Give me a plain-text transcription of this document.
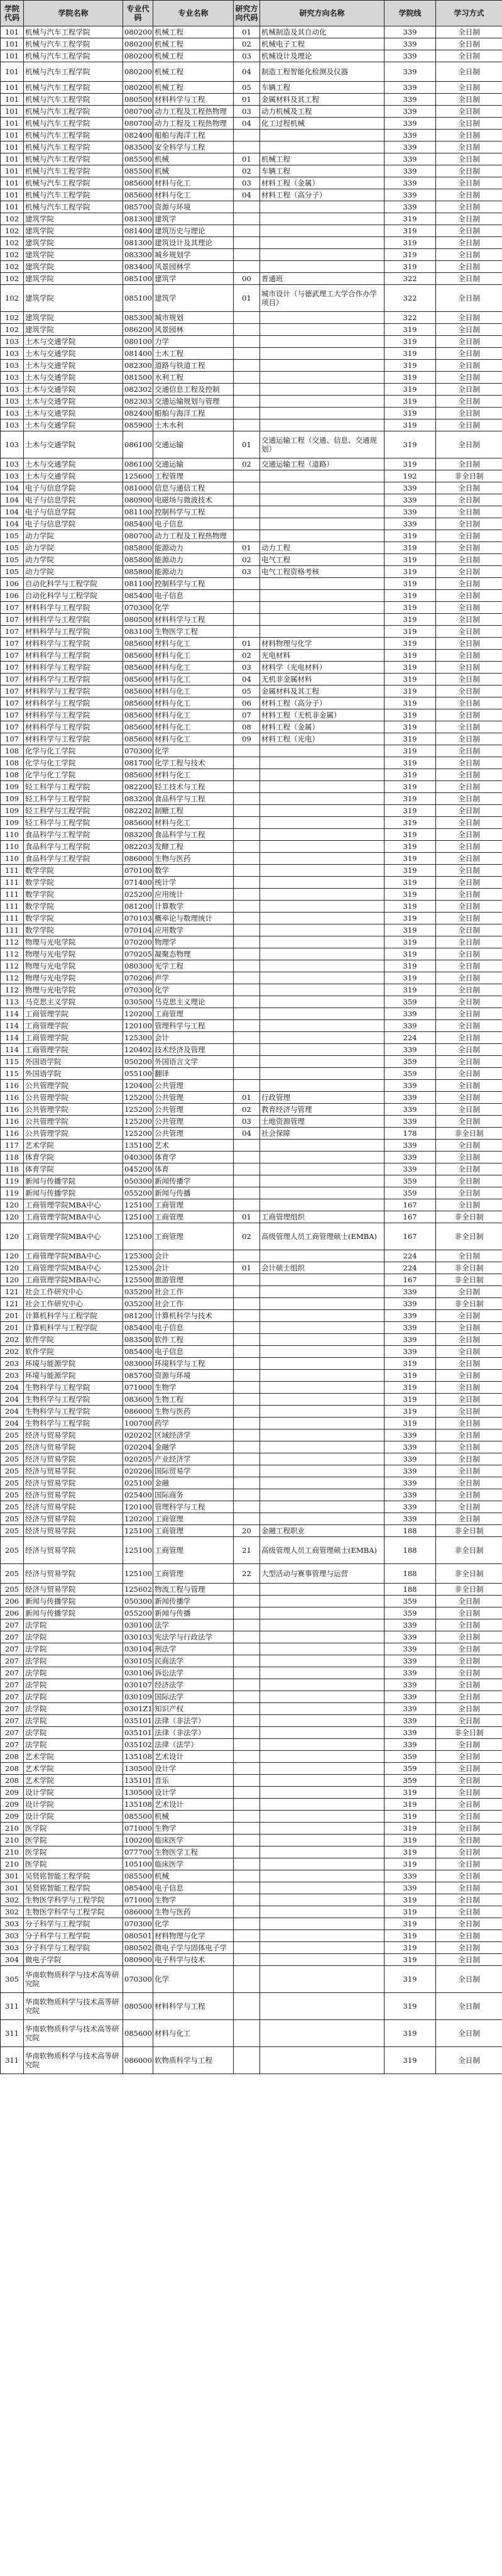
学院代码	学院名称	专业代码	专业名称	研究方向代码	研究方向名称	学院线	学习方式
101	机械与汽车工程学院	080200	机械工程	01	机械制造及其自动化	339	全日制
101	机械与汽车工程学院	080200	机械工程	02	机械电子工程	339	全日制
101	机械与汽车工程学院	080200	机械工程	03	机械设计及理论	339	全日制
101	机械与汽车工程学院	080200	机械工程	04	制造工程智能化检测及仪器	339	全日制
101	机械与汽车工程学院	080200	机械工程	05	车辆工程	339	全日制
101	机械与汽车工程学院	080500	材料科学与工程	01	金属材料及其工程	339	全日制
101	机械与汽车工程学院	080700	动力工程及工程热物理	03	动力机械及工程	339	全日制
101	机械与汽车工程学院	080700	动力工程及工程热物理	04	化工过程机械	339	全日制
101	机械与汽车工程学院	082400	船舶与海洋工程			339	全日制
101	机械与汽车工程学院	083500	安全科学与工程			339	全日制
101	机械与汽车工程学院	085500	机械	01	机械工程	339	全日制
101	机械与汽车工程学院	085500	机械	02	车辆工程	339	全日制
101	机械与汽车工程学院	085600	材料与化工	03	材料工程（金属）	339	全日制
101	机械与汽车工程学院	085600	材料与化工	04	材料工程（高分子）	339	全日制
101	机械与汽车工程学院	085700	资源与环境			339	全日制
102	建筑学院	081300	建筑学			319	全日制
102	建筑学院	081400	建筑历史与理论			319	全日制
102	建筑学院	081300	建筑设计及其理论			319	全日制
102	建筑学院	083300	城乡规划学			319	全日制
102	建筑学院	083400	风景园林学			319	全日制
102	建筑学院	085100	建筑学	00	普通班	322	全日制
102	建筑学院	085100	建筑学	01	城市设计（与德武理工大学合作办学项目）	322	全日制
102	建筑学院	085300	城市规划			322	全日制
102	建筑学院	086200	风景园林			319	全日制
103	土木与交通学院	080100	力学			319	全日制
103	土木与交通学院	081400	土木工程			319	全日制
103	土木与交通学院	082300	道路与铁道工程			319	全日制
103	土木与交通学院	081500	水利工程			319	全日制
103	土木与交通学院	082302	交通信息工程及控制			319	全日制
103	土木与交通学院	082303	交通运输规划与管理			319	全日制
103	土木与交通学院	082400	船舶与海洋工程			319	全日制
103	土木与交通学院	085900	土木水利			319	全日制
103	土木与交通学院	086100	交通运输	01	交通运输工程（交通、信息、交通规划）	319	全日制
103	土木与交通学院	086100	交通运输	02	交通运输工程（道路）	319	全日制
103	土木与交通学院	125600	工程管理			192	非全日制
104	电子与信息学院	081000	信息与通信工程			339	全日制
104	电子与信息学院	080900	电磁场与微波技术			339	全日制
104	电子与信息学院	081100	控制科学与工程			339	全日制
104	电子与信息学院	085400	电子信息			339	全日制
105	动力学院	080700	动力工程及工程热物理			319	全日制
105	动力学院	085800	能源动力	01	动力工程	319	全日制
105	动力学院	085800	能源动力	02	电气工程	319	全日制
105	动力学院	085800	能源动力	03	电气工程资格考核	319	全日制
106	自动化科学与工程学院	081100	控制科学与工程			319	全日制
106	自动化科学与工程学院	085400	电子信息			319	全日制
107	材料科学与工程学院	070300	化学			319	全日制
107	材料科学与工程学院	080500	材料科学与工程			319	全日制
107	材料科学与工程学院	083100	生物医学工程			319	全日制
107	材料科学与工程学院	085600	材料与化工	01	材料物理与化学	319	全日制
107	材料科学与工程学院	085600	材料与化工	02	光电材料	319	全日制
107	材料科学与工程学院	085600	材料与化工	03	材料学（光电材料）	319	全日制
107	材料科学与工程学院	085600	材料与化工	04	无机非金属材料	319	全日制
107	材料科学与工程学院	085600	材料与化工	05	金属材料及其工程	319	全日制
107	材料科学与工程学院	085600	材料与化工	06	材料工程（高分子）	319	全日制
107	材料科学与工程学院	085600	材料与化工	07	材料工程（无机非金属）	319	全日制
107	材料科学与工程学院	085600	材料与化工	08	材料工程（金属）	319	全日制
107	材料科学与工程学院	085600	材料与化工	09	材料工程（光电）	319	全日制
108	化学与化工学院	070300	化学			319	全日制
108	化学与化工学院	081700	化学工程与技术			319	全日制
108	化学与化工学院	085600	材料与化工			319	全日制
109	轻工科学与工程学院	082200	轻工技术与工程			319	全日制
109	轻工科学与工程学院	083200	食品科学与工程			319	全日制
109	轻工科学与工程学院	082202	制糖工程			319	全日制
109	轻工科学与工程学院	085600	材料与化工			319	全日制
110	食品科学与工程学院	083200	食品科学与工程			319	全日制
110	食品科学与工程学院	082203	发酵工程			319	全日制
110	食品科学与工程学院	086000	生物与医药			319	全日制
111	数学学院	070100	数学			319	全日制
111	数学学院	071400	统计学			319	全日制
111	数学学院	025200	应用统计			319	全日制
111	数学学院	081200	计算数学			319	全日制
111	数学学院	070103	概率论与数理统计			319	全日制
111	数学学院	070104	应用数学			319	全日制
112	物理与光电学院	070200	物理学			319	全日制
112	物理与光电学院	070205	凝聚态物理			319	全日制
112	物理与光电学院	080300	光学工程			319	全日制
112	物理与光电学院	070206	声学			319	全日制
112	物理与光电学院	070300	化学			319	全日制
113	马克思主义学院	030500	马克思主义理论			359	全日制
114	工商管理学院	120200	工商管理			339	全日制
114	工商管理学院	120100	管理科学与工程			339	全日制
114	工商管理学院	125300	会计			224	全日制
114	工商管理学院	120402	技术经济及管理			339	全日制
115	外国语学院	050200	外国语言文学			359	全日制
115	外国语学院	055100	翻译			359	全日制
116	公共管理学院	120400	公共管理			339	全日制
116	公共管理学院	125200	公共管理	01	行政管理	339	全日制
116	公共管理学院	125200	公共管理	02	教育经济与管理	339	全日制
116	公共管理学院	125200	公共管理	03	土地资源管理	339	全日制
116	公共管理学院	125200	公共管理	04	社会保障	178	非全日制
117	艺术学院	135100	艺术			339	全日制
118	体育学院	040300	体育学			339	全日制
118	体育学院	045200	体育			339	全日制
119	新闻与传播学院	050300	新闻传播学			359	全日制
119	新闻与传播学院	055200	新闻与传播			359	全日制
120	工商管理学院MBA中心	125100	工商管理			167	全日制
120	工商管理学院MBA中心	125100	工商管理	01	工商管理组织	167	非全日制
120	工商管理学院MBA中心	125100	工商管理	02	高级管理人员工商管理硕士(EMBA)	167	非全日制
120	工商管理学院MBA中心	125300	会计			224	全日制
120	工商管理学院MBA中心	125300	会计	01	会计硕士组织	224	非全日制
120	工商管理学院MBA中心	125500	旅游管理			167	非全日制
121	社会工作研究中心	035200	社会工作			339	全日制
121	社会工作研究中心	035200	社会工作			339	非全日制
201	计算机科学与工程学院	081200	计算机科学与技术			339	全日制
201	计算机科学与工程学院	085400	电子信息			339	全日制
202	软件学院	083500	软件工程			339	全日制
202	软件学院	085400	电子信息			339	全日制
203	环境与能源学院	083000	环境科学与工程			319	全日制
203	环境与能源学院	085700	资源与环境			319	全日制
204	生物科学与工程学院	071000	生物学			319	全日制
204	生物科学与工程学院	083600	生物工程			319	全日制
204	生物科学与工程学院	086000	生物与医药			319	全日制
204	生物科学与工程学院	100700	药学			319	全日制
205	经济与贸易学院	020202	区域经济学			339	全日制
205	经济与贸易学院	020204	金融学			339	全日制
205	经济与贸易学院	020205	产业经济学			339	全日制
205	经济与贸易学院	020206	国际贸易学			339	全日制
205	经济与贸易学院	025100	金融			339	全日制
205	经济与贸易学院	025400	国际商务			339	全日制
205	经济与贸易学院	120100	管理科学与工程			339	全日制
205	经济与贸易学院	120200	工商管理			339	全日制
205	经济与贸易学院	125100	工商管理	20	金融工程职业	188	非全日制
205	经济与贸易学院	125100	工商管理	21	高级管理人员工商管理硕士(EMBA)	188	非全日制
205	经济与贸易学院	125100	工商管理	22	大型活动与赛事管理与运营	188	非全日制
205	经济与贸易学院	125602	物流工程与管理			188	非全日制
206	新闻与传播学院	050300	新闻传播学			359	全日制
206	新闻与传播学院	055200	新闻与传播			359	全日制
207	法学院	030100	法学			339	全日制
207	法学院	030103	宪法学与行政法学			339	全日制
207	法学院	030104	刑法学			339	全日制
207	法学院	030105	民商法学			339	全日制
207	法学院	030106	诉讼法学			339	全日制
207	法学院	030107	经济法学			339	全日制
207	法学院	030109	国际法学			339	全日制
207	法学院	0301Z1	知识产权			339	全日制
207	法学院	035101	法律（非法学）			339	全日制
207	法学院	035101	法律（非法学）			339	非全日制
207	法学院	035102	法律（法学）			339	全日制
208	艺术学院	135108	艺术设计			359	全日制
208	艺术学院	130500	设计学			359	全日制
208	艺术学院	135101	音乐			359	全日制
209	设计学院	130500	设计学			319	全日制
209	设计学院	135108	艺术设计			319	全日制
209	设计学院	085500	机械			319	全日制
210	医学院	071000	生物学			319	全日制
210	医学院	100200	临床医学			319	全日制
210	医学院	077700	生物医学工程			319	全日制
210	医学院	105100	临床医学			319	全日制
301	吴贤铭智能工程学院	085500	机械			339	全日制
301	吴贤铭智能工程学院	085400	电子信息			339	全日制
302	生物医学科学与工程学院	071000	生物学			319	全日制
302	生物医学科学与工程学院	086000	生物与医药			319	全日制
303	分子科学与工程学院	070300	化学			319	全日制
303	分子科学与工程学院	080501	材料物理与化学			319	全日制
303	分子科学与工程学院	080502	微电子学与固体电子学			319	全日制
304	微电子学院	080900	电子科学与技术			319	全日制
305	华南软物质科学与技术高等研究院	070300	化学			319	全日制
311	华南软物质科学与技术高等研究院	080500	材料科学与工程			319	全日制
311	华南软物质科学与技术高等研究院	085600	材料与化工			319	全日制
311	华南软物质科学与技术高等研究院	086000	软物质科学与工程			319	全日制
